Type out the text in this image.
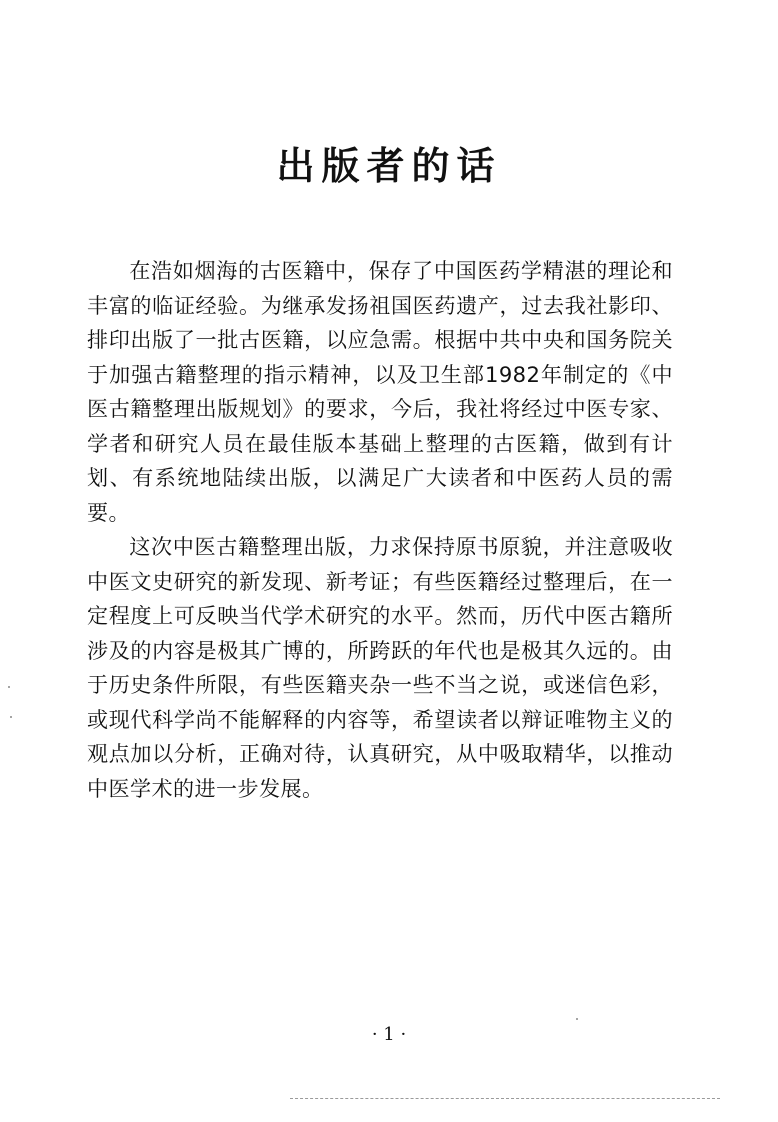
出版者的话

在浩如烟海的古医籍中，保存了中国医药学精湛的理论和丰富的临证经验。为继承发扬祖国医药遗产，过去我社影印、排印出版了一批古医籍，以应急需。根据中共中央和国务院关于加强古籍整理的指示精神，以及卫生部1982年制定的《中医古籍整理出版规划》的要求，今后，我社将经过中医专家、学者和研究人员在最佳版本基础上整理的古医籍，做到有计划、有系统地陆续出版，以满足广大读者和中医药人员的需要。

这次中医古籍整理出版，力求保持原书原貌，并注意吸收中医文史研究的新发现、新考证；有些医籍经过整理后，在一定程度上可反映当代学术研究的水平。然而，历代中医古籍所涉及的内容是极其广博的，所跨跃的年代也是极其久远的。由于历史条件所限，有些医籍夹杂一些不当之说，或迷信色彩，或现代科学尚不能解释的内容等，希望读者以辩证唯物主义的观点加以分析，正确对待，认真研究，从中吸取精华，以推动中医学术的进一步发展。

· 1 ·
